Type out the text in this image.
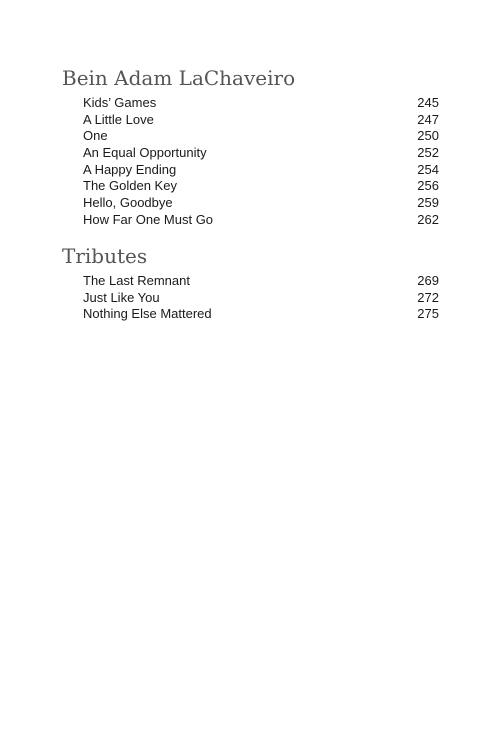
Bein Adam LaChaveiro
Kids’ Games	245
A Little Love	247
One	250
An Equal Opportunity	252
A Happy Ending	254
The Golden Key	256
Hello, Goodbye	259
How Far One Must Go	262
Tributes
The Last Remnant	269
Just Like You	272
Nothing Else Mattered	275
